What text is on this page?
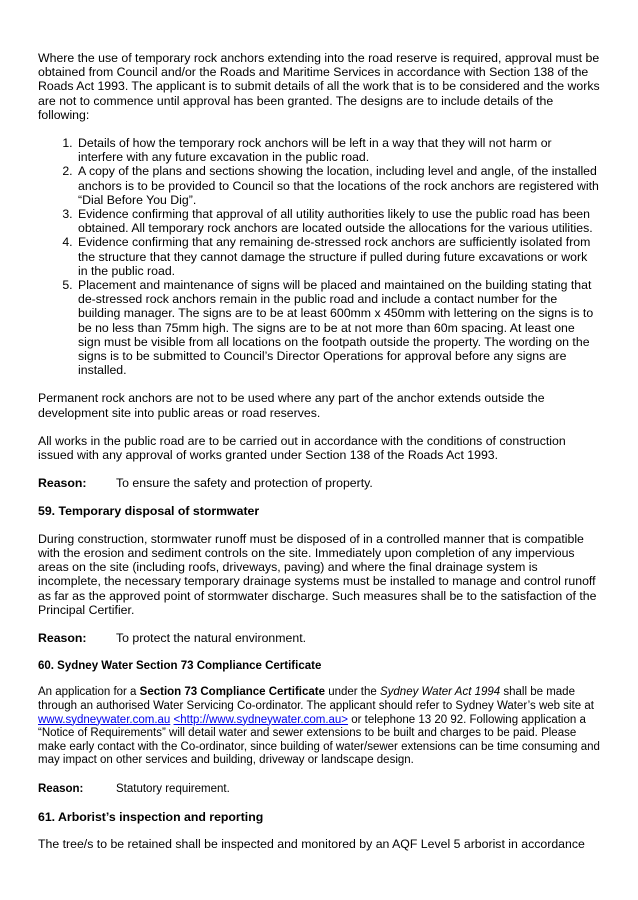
Where the use of temporary rock anchors extending into the road reserve is required, approval must be obtained from Council and/or the Roads and Maritime Services in accordance with Section 138 of the Roads Act 1993. The applicant is to submit details of all the work that is to be considered and the works are not to commence until approval has been granted. The designs are to include details of the following:

1. Details of how the temporary rock anchors will be left in a way that they will not harm or interfere with any future excavation in the public road.
2. A copy of the plans and sections showing the location, including level and angle, of the installed anchors is to be provided to Council so that the locations of the rock anchors are registered with “Dial Before You Dig”.
3. Evidence confirming that approval of all utility authorities likely to use the public road has been obtained. All temporary rock anchors are located outside the allocations for the various utilities.
4. Evidence confirming that any remaining de-stressed rock anchors are sufficiently isolated from the structure that they cannot damage the structure if pulled during future excavations or work in the public road.
5. Placement and maintenance of signs will be placed and maintained on the building stating that de-stressed rock anchors remain in the public road and include a contact number for the building manager. The signs are to be at least 600mm x 450mm with lettering on the signs is to be no less than 75mm high. The signs are to be at not more than 60m spacing. At least one sign must be visible from all locations on the footpath outside the property. The wording on the signs is to be submitted to Council’s Director Operations for approval before any signs are installed.

Permanent rock anchors are not to be used where any part of the anchor extends outside the development site into public areas or road reserves.

All works in the public road are to be carried out in accordance with the conditions of construction issued with any approval of works granted under Section 138 of the Roads Act 1993.

Reason:	To ensure the safety and protection of property.
59. Temporary disposal of stormwater

During construction, stormwater runoff must be disposed of in a controlled manner that is compatible with the erosion and sediment controls on the site. Immediately upon completion of any impervious areas on the site (including roofs, driveways, paving) and where the final drainage system is incomplete, the necessary temporary drainage systems must be installed to manage and control runoff as far as the approved point of stormwater discharge. Such measures shall be to the satisfaction of the Principal Certifier.

Reason:	To protect the natural environment.
60. Sydney Water Section 73 Compliance Certificate

An application for a Section 73 Compliance Certificate under the Sydney Water Act 1994 shall be made through an authorised Water Servicing Co-ordinator. The applicant should refer to Sydney Water’s web site at www.sydneywater.com.au <http://www.sydneywater.com.au> or telephone 13 20 92. Following application a “Notice of Requirements” will detail water and sewer extensions to be built and charges to be paid. Please make early contact with the Co-ordinator, since building of water/sewer extensions can be time consuming and may impact on other services and building, driveway or landscape design.

Reason:	Statutory requirement.
61. Arborist’s inspection and reporting

The tree/s to be retained shall be inspected and monitored by an AQF Level 5 arborist in accordance
